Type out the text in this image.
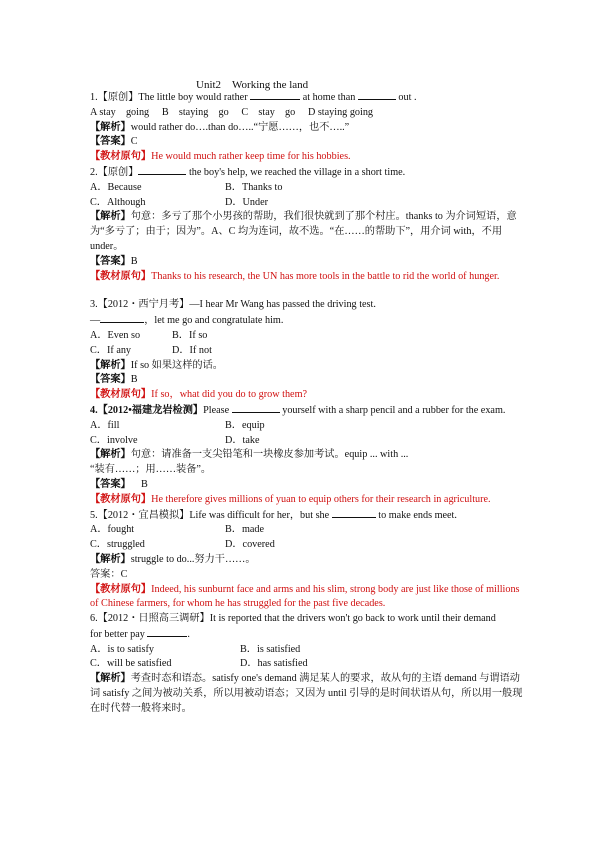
Unit2　Working the land
1.【原创】The little boy would rather	at home than	out .
A stay　going B　staying　go C　stay　go D staying going
【解析】would rather do….than do…..“宁愿……，也不…..”
【答案】C
【教材原句】He would much rather keep time for his hobbies.
2.【原创】	the boy's help, we reached the village in a short time.
A．Because	B．Thanks to
C．Although	D．Under
【解析】句意：多亏了那个小男孩的帮助，我们很快就到了那个村庄。thanks to 为介词短语，意为“多亏了；由于；因为”。A、C 均为连词，故不选。“在……的帮助下”，用介词 with，不用 under。
【答案】B
【教材原句】Thanks to his research, the UN has more tools in the battle to rid the world of hunger.
3.【2012・西宁月考】—I hear Mr Wang has passed the driving test.
—	，let me go and congratulate him.
A．Even so	B．If so
C．If any	D．If not
【解析】If so 如果这样的话。
【答案】B
【教材原句】If so，what did you do to grow them?
4.【2012•福建龙岩检测】Please	yourself with a sharp pencil and a rubber for the exam.
A．fill	B．equip
C．involve	D．take
【解析】句意：请准备一支尖铅笔和一块橡皮参加考试。equip ... with ...
“装有……；用……装备”。
【答案】 B
【教材原句】He therefore gives millions of yuan to equip others for their research in agriculture.
5.【2012・宜昌模拟】Life was difficult for her，but she	to make ends meet.
A．fought	B．made
C．struggled	D．covered
【解析】struggle to do...努力干……。
答案：C
【教材原句】Indeed, his sunburnt face and arms and his slim, strong body are just like those of millions of Chinese farmers, for whom he has struggled for the past five decades.
6.【2012・日照高三调研】It is reported that the drivers won't go back to work until their demand
for better pay	.
A．is to satisfy	B．is satisfied
C．will be satisfied	D．has satisfied
【解析】考查时态和语态。satisfy one's demand 满足某人的要求，故从句的主语 demand 与谓语动词 satisfy 之间为被动关系，所以用被动语态；又因为 until 引导的是时间状语从句，所以用一般现在时代替一般将来时。
